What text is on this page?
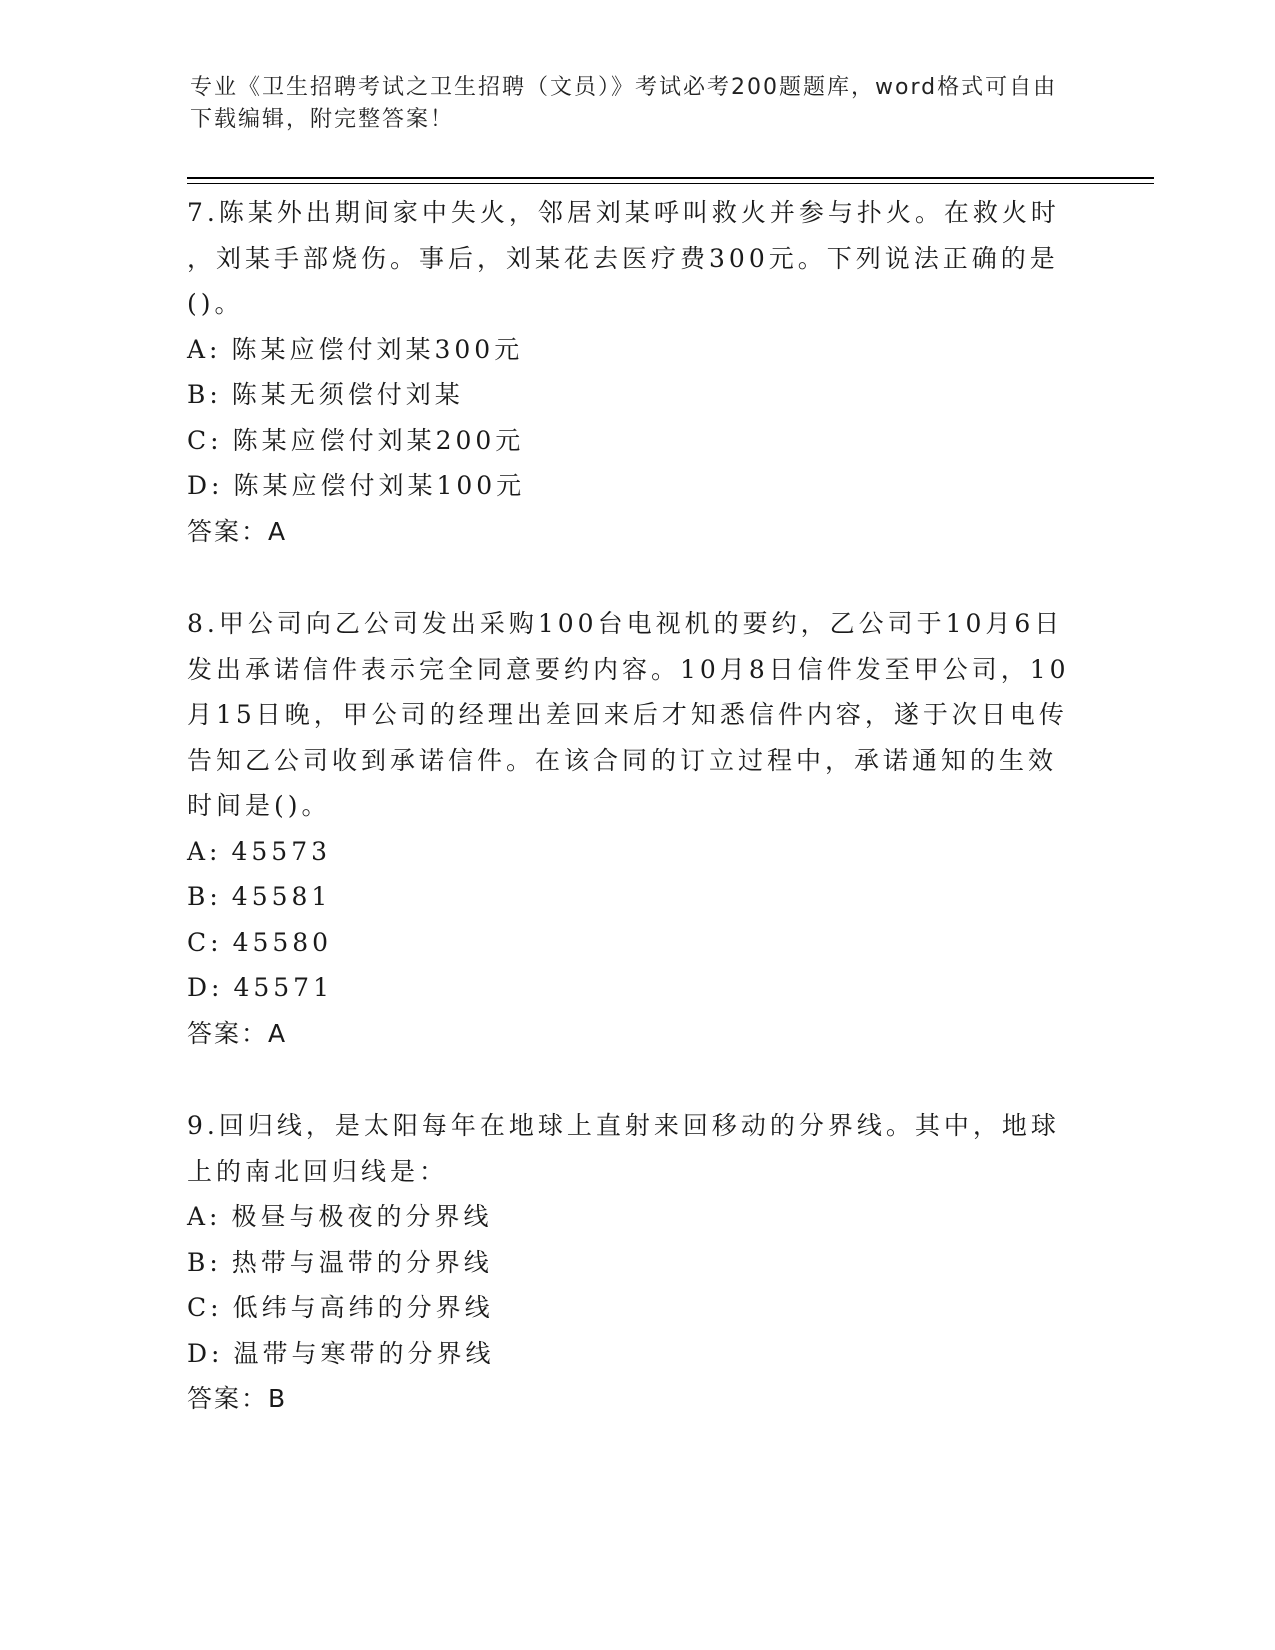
专业《卫生招聘考试之卫生招聘（文员）》考试必考200题题库，word格式可自由下载编辑，附完整答案！

7.陈某外出期间家中失火，邻居刘某呼叫救火并参与扑火。在救火时

，刘某手部烧伤。事后，刘某花去医疗费300元。下列说法正确的是

()。

A: 陈某应偿付刘某300元

B: 陈某无须偿付刘某

C: 陈某应偿付刘某200元

D: 陈某应偿付刘某100元

答案：A

8.甲公司向乙公司发出采购100台电视机的要约，乙公司于10月6日

发出承诺信件表示完全同意要约内容。10月8日信件发至甲公司，10

月15日晚，甲公司的经理出差回来后才知悉信件内容，遂于次日电传

告知乙公司收到承诺信件。在该合同的订立过程中，承诺通知的生效

时间是()。

A: 45573

B: 45581

C: 45580

D: 45571

答案：A

9.回归线，是太阳每年在地球上直射来回移动的分界线。其中，地球

上的南北回归线是：

A: 极昼与极夜的分界线

B: 热带与温带的分界线

C: 低纬与高纬的分界线

D: 温带与寒带的分界线

答案：B
